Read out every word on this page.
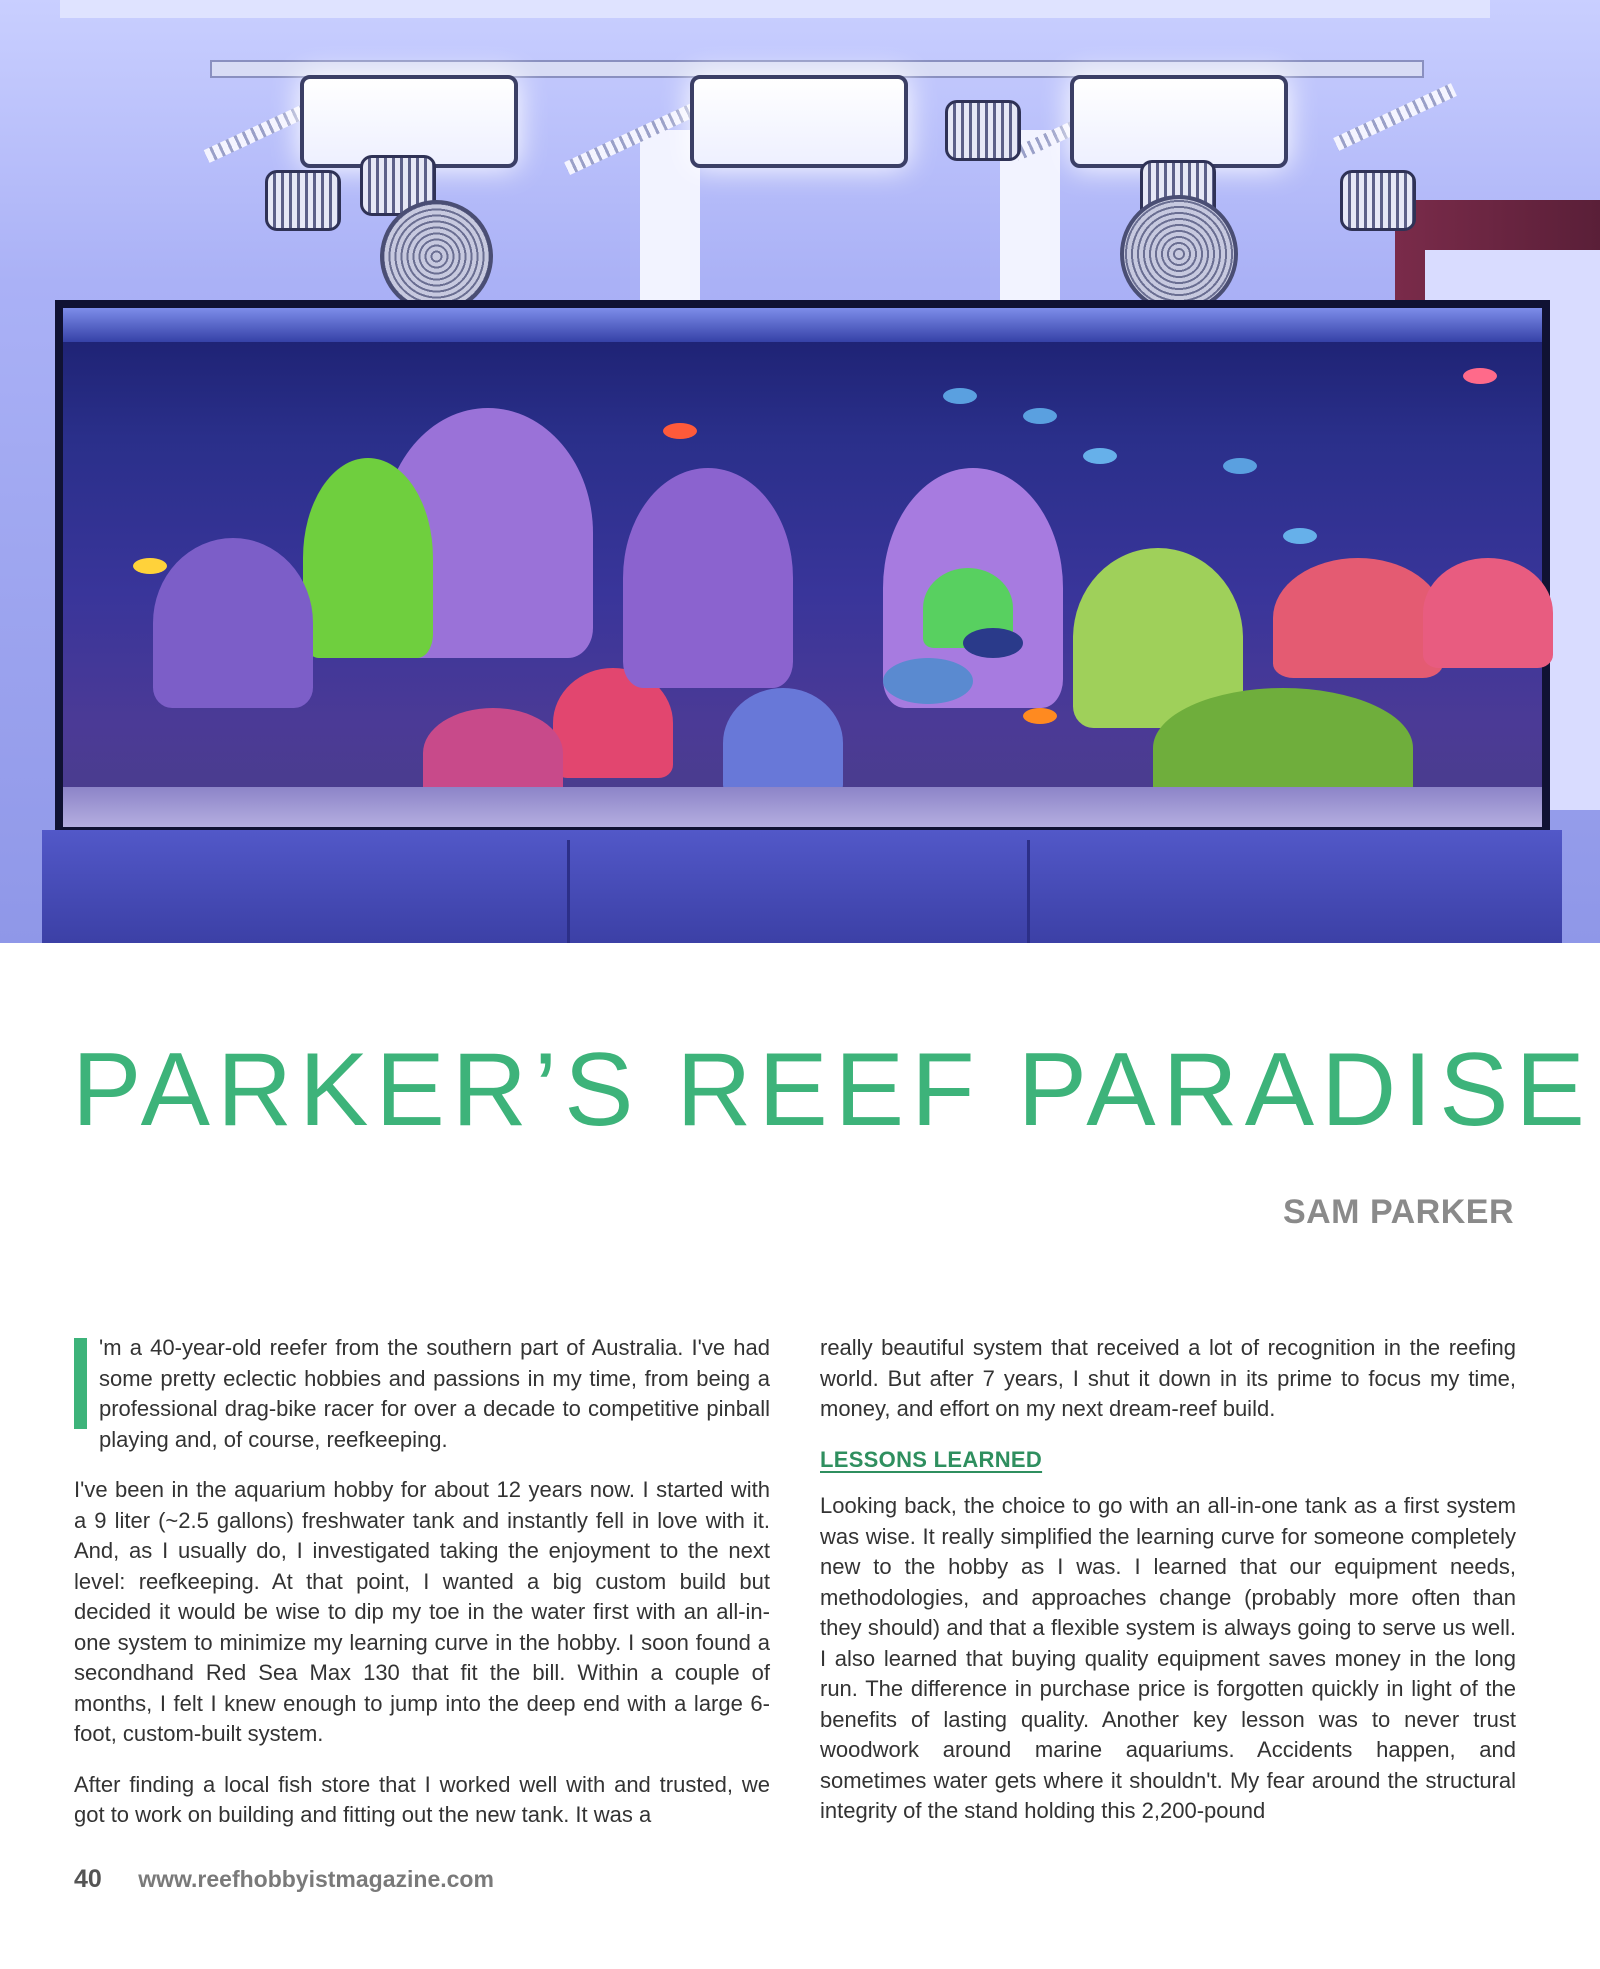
PARKER’S REEF PARADISE
SAM PARKER

'm a 40-year-old reefer from the southern part of Australia. I've had some pretty eclectic hobbies and passions in my time, from being a professional drag-bike racer for over a decade to competitive pinball playing and, of course, reefkeeping.

I've been in the aquarium hobby for about 12 years now. I started with a 9 liter (~2.5 gallons) freshwater tank and instantly fell in love with it. And, as I usually do, I investigated taking the enjoyment to the next level: reefkeeping. At that point, I wanted a big custom build but decided it would be wise to dip my toe in the water first with an all-in-one system to minimize my learning curve in the hobby. I soon found a secondhand Red Sea Max 130 that fit the bill. Within a couple of months, I felt I knew enough to jump into the deep end with a large 6-foot, custom-built system.

After finding a local fish store that I worked well with and trusted, we got to work on building and fitting out the new tank. It was a

really beautiful system that received a lot of recognition in the reefing world. But after 7 years, I shut it down in its prime to focus my time, money, and effort on my next dream-reef build.

LESSONS LEARNED

Looking back, the choice to go with an all-in-one tank as a first system was wise. It really simplified the learning curve for someone completely new to the hobby as I was. I learned that our equipment needs, methodologies, and approaches change (probably more often than they should) and that a flexible system is always going to serve us well. I also learned that buying quality equipment saves money in the long run. The difference in purchase price is forgotten quickly in light of the benefits of lasting quality. Another key lesson was to never trust woodwork around marine aquariums. Accidents happen, and sometimes water gets where it shouldn't. My fear around the structural integrity of the stand holding this 2,200-pound

40 www.reefhobbyistmagazine.com
